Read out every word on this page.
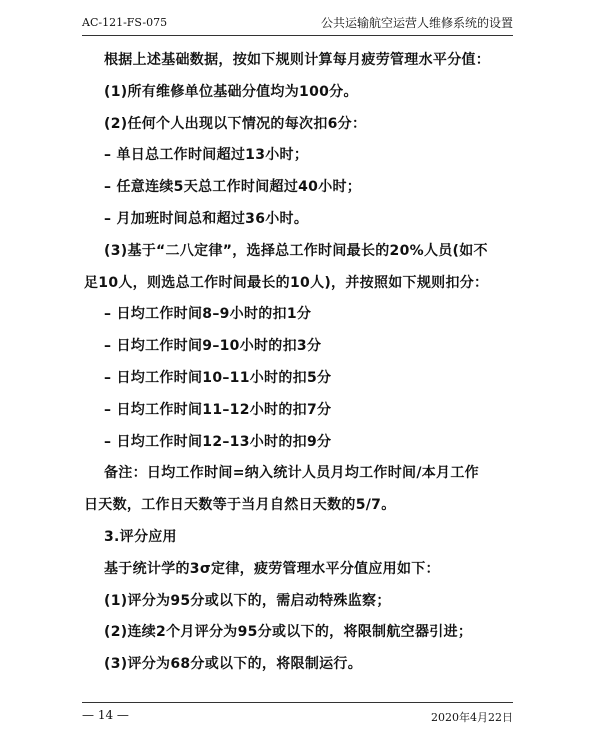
AC-121-FS-075	公共运输航空运营人维修系统的设置
根据上述基础数据，按如下规则计算每月疲劳管理水平分值：
(1)所有维修单位基础分值均为100分。
(2)任何个人出现以下情况的每次扣6分：
– 单日总工作时间超过13小时；
– 任意连续5天总工作时间超过40小时；
– 月加班时间总和超过36小时。
(3)基于“二八定律”，选择总工作时间最长的20%人员(如不
足10人，则选总工作时间最长的10人)，并按照如下规则扣分：
– 日均工作时间8–9小时的扣1分
– 日均工作时间9–10小时的扣3分
– 日均工作时间10–11小时的扣5分
– 日均工作时间11–12小时的扣7分
– 日均工作时间12–13小时的扣9分
备注：日均工作时间=纳入统计人员月均工作时间/本月工作
日天数，工作日天数等于当月自然日天数的5/7。
3.评分应用
基于统计学的3σ定律，疲劳管理水平分值应用如下：
(1)评分为95分或以下的，需启动特殊监察；
(2)连续2个月评分为95分或以下的，将限制航空器引进；
(3)评分为68分或以下的，将限制运行。
— 14 —	2020年4月22日
